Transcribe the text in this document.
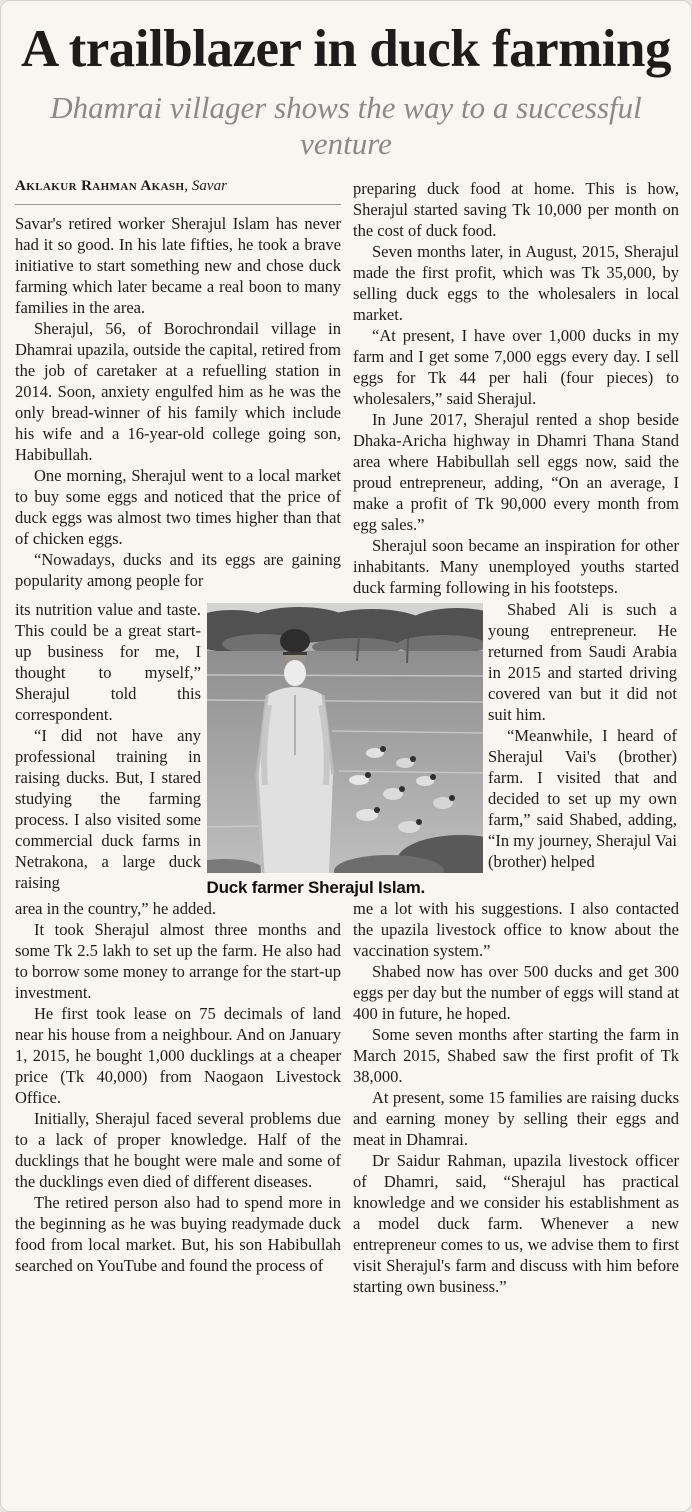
A trailblazer in duck farming
Dhamrai villager shows the way to a successful venture

Aklakur Rahman Akash, Savar

Savar's retired worker Sherajul Islam has never had it so good. In his late fifties, he took a brave initiative to start something new and chose duck farming which later became a real boon to many families in the area.

Sherajul, 56, of Borochrondail village in Dhamrai upazila, outside the capital, retired from the job of caretaker at a refuelling station in 2014. Soon, anxiety engulfed him as he was the only bread-winner of his family which include his wife and a 16-year-old college going son, Habibullah.

One morning, Sherajul went to a local market to buy some eggs and noticed that the price of duck eggs was almost two times higher than that of chicken eggs.

“Nowadays, ducks and its eggs are gaining popularity among people for

preparing duck food at home. This is how, Sherajul started saving Tk 10,000 per month on the cost of duck food.

Seven months later, in August, 2015, Sherajul made the first profit, which was Tk 35,000, by selling duck eggs to the wholesalers in local market.

“At present, I have over 1,000 ducks in my farm and I get some 7,000 eggs every day. I sell eggs for Tk 44 per hali (four pieces) to wholesalers,” said Sherajul.

In June 2017, Sherajul rented a shop beside Dhaka-Aricha highway in Dhamri Thana Stand area where Habibullah sell eggs now, said the proud entrepreneur, adding, “On an average, I make a profit of Tk 90,000 every month from egg sales.”

Sherajul soon became an inspiration for other inhabitants. Many unemployed youths started duck farming following in his footsteps.

its nutrition value and taste. This could be a great start-up business for me, I thought to myself,” Sherajul told this correspondent.

“I did not have any professional training in raising ducks. But, I stared studying the farming process. I also visited some commercial duck farms in Netrakona, a large duck raising	Duck farmer Sherajul Islam.

Shabed Ali is such a young entrepreneur. He returned from Saudi Arabia in 2015 and started driving covered van but it did not suit him.

“Meanwhile, I heard of Sherajul Vai's (brother) farm. I visited that and decided to set up my own farm,” said Shabed, adding, “In my journey, Sherajul Vai (brother) helped

area in the country,” he added.

It took Sherajul almost three months and some Tk 2.5 lakh to set up the farm. He also had to borrow some money to arrange for the start-up investment.

He first took lease on 75 decimals of land near his house from a neighbour. And on January 1, 2015, he bought 1,000 ducklings at a cheaper price (Tk 40,000) from Naogaon Livestock Office.

Initially, Sherajul faced several problems due to a lack of proper knowledge. Half of the ducklings that he bought were male and some of the ducklings even died of different diseases.

The retired person also had to spend more in the beginning as he was buying readymade duck food from local market. But, his son Habibullah searched on YouTube and found the process of

me a lot with his suggestions. I also contacted the upazila livestock office to know about the vaccination system.”

Shabed now has over 500 ducks and get 300 eggs per day but the number of eggs will stand at 400 in future, he hoped.

Some seven months after starting the farm in March 2015, Shabed saw the first profit of Tk 38,000.

At present, some 15 families are raising ducks and earning money by selling their eggs and meat in Dhamrai.

Dr Saidur Rahman, upazila livestock officer of Dhamri, said, “Sherajul has practical knowledge and we consider his establishment as a model duck farm. Whenever a new entrepreneur comes to us, we advise them to first visit Sherajul's farm and discuss with him before starting own business.”
